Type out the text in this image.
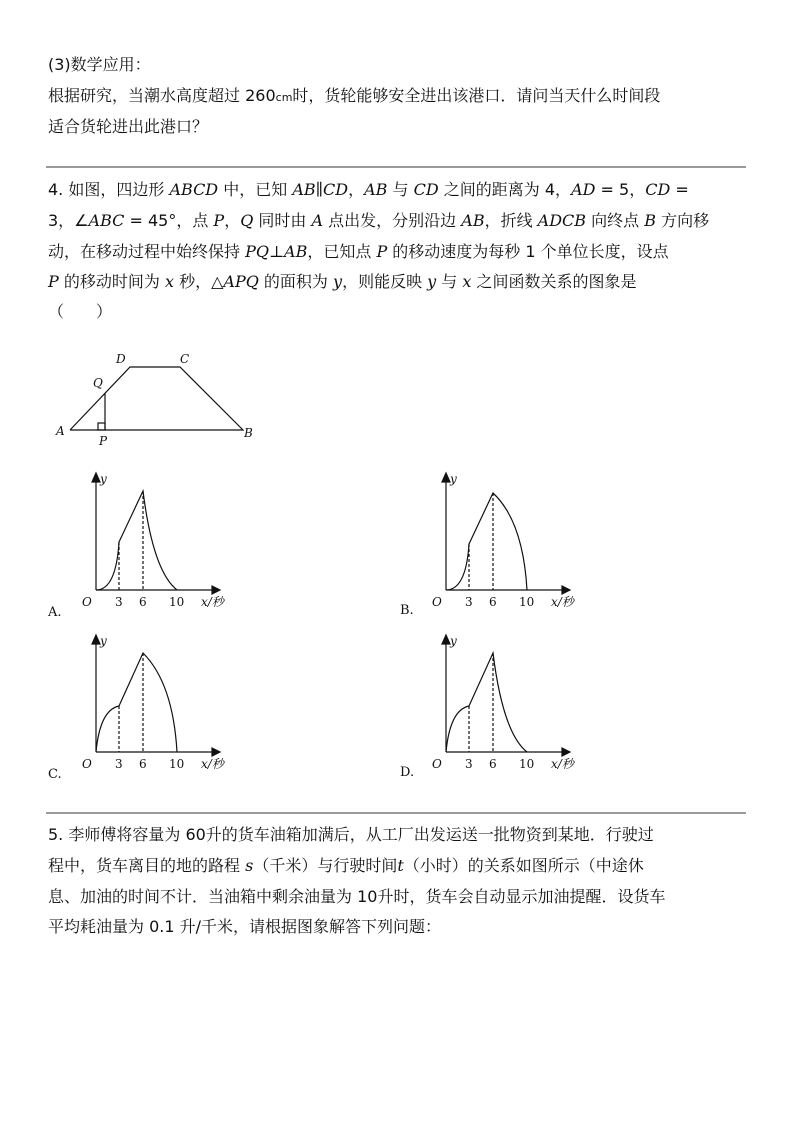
(3)数学应用：
根据研究，当潮水高度超过 260cm时，货轮能够安全进出该港口．请问当天什么时间段
适合货轮进出此港口？
4. 如图，四边形 ABCD 中，已知 AB∥CD，AB 与 CD 之间的距离为 4，AD = 5，CD =
3，∠ABC = 45°，点 P，Q 同时由 A 点出发，分别沿边 AB，折线 ADCB 向终点 B 方向移
动，在移动过程中始终保持 PQ⊥AB，已知点 P 的移动速度为每秒 1 个单位长度，设点
P 的移动时间为 x 秒，△APQ 的面积为 y，则能反映 y 与 x 之间函数关系的图象是
（　　）
A	B
C
D
P
Q
y
O 3 6 10 x/秒
A.
y
O 3 6 10 x/秒
B.
y
O 3 6 10 x/秒
C.
y
O 3 6 10 x/秒
D.
5. 李师傅将容量为 60升的货车油箱加满后，从工厂出发运送一批物资到某地．行驶过
程中，货车离目的地的路程 s（千米）与行驶时间t（小时）的关系如图所示（中途休
息、加油的时间不计．当油箱中剩余油量为 10升时，货车会自动显示加油提醒．设货车
平均耗油量为 0.1 升/千米，请根据图象解答下列问题：
